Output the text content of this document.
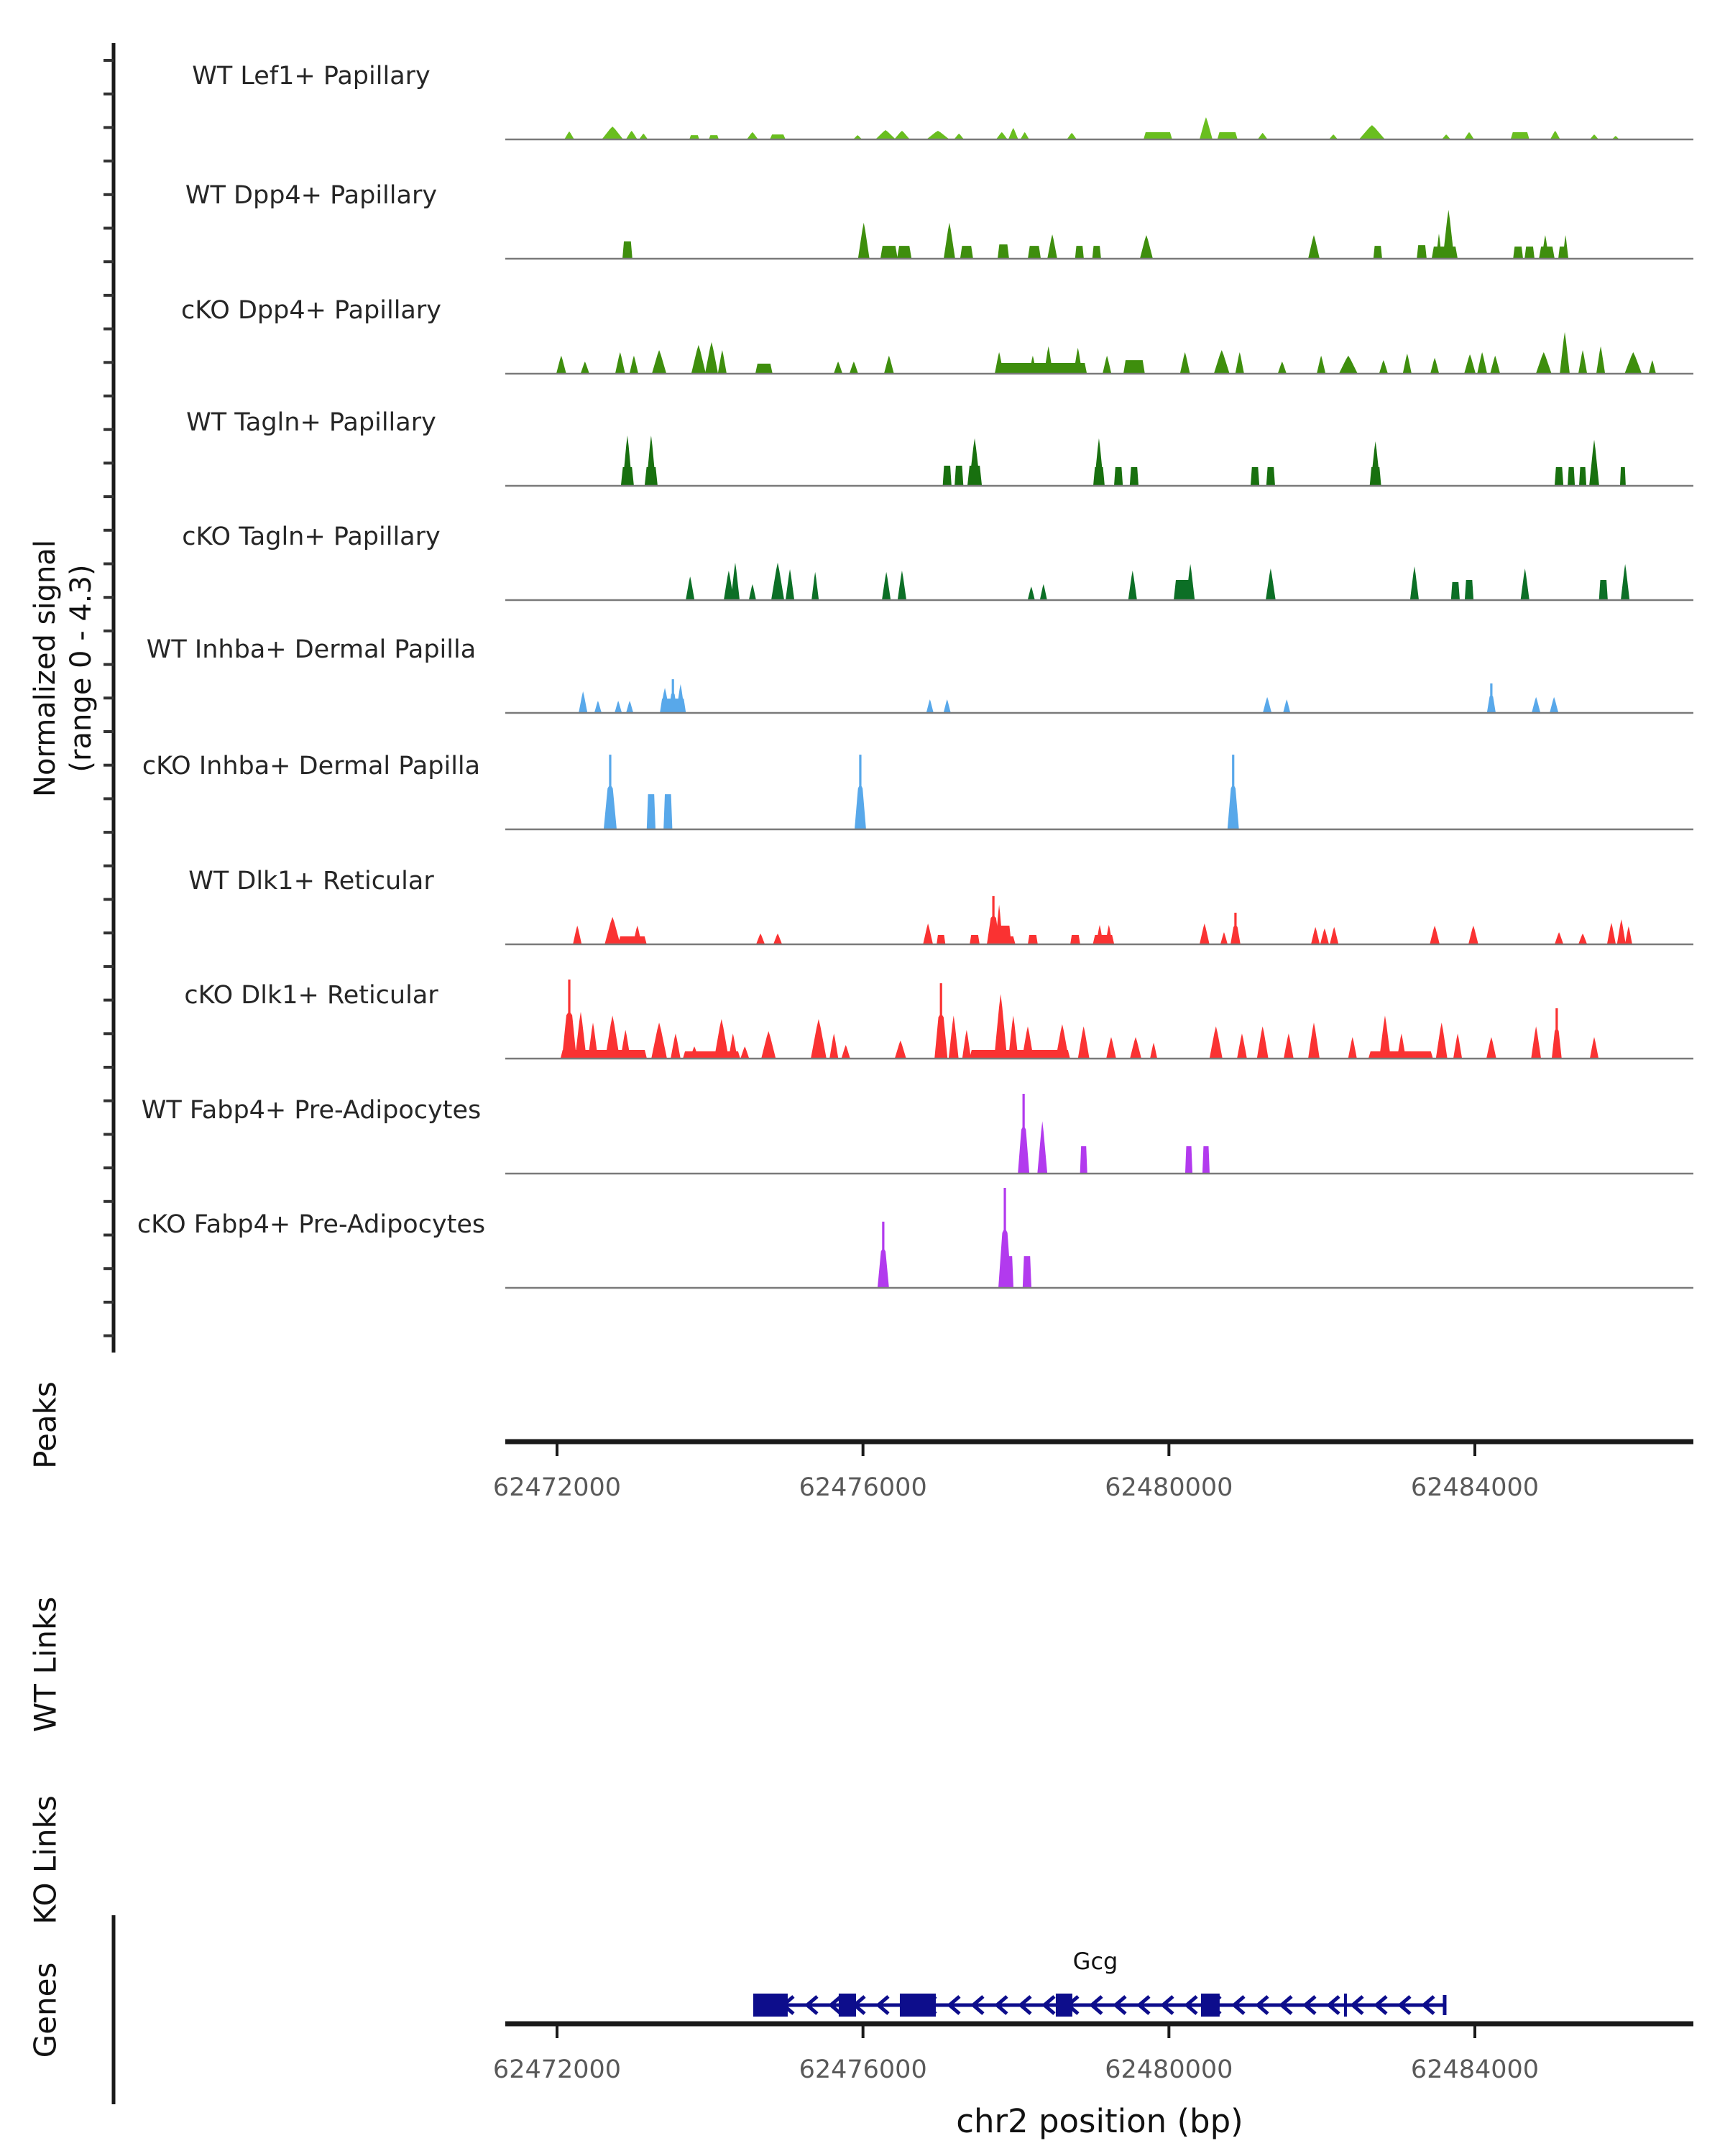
Normalized signal (range 0 - 4.3)
Peaks
WT Links
KO Links
Genes
WT Lef1+ Papillary
WT Dpp4+ Papillary
cKO Dpp4+ Papillary
WT Tagln+ Papillary
cKO Tagln+ Papillary
WT Inhba+ Dermal Papilla
cKO Inhba+ Dermal Papilla
WT Dlk1+ Reticular
cKO Dlk1+ Reticular
WT Fabp4+ Pre-Adipocytes
cKO Fabp4+ Pre-Adipocytes
62472000	62476000	62480000	62484000
Gcg
62472000	62476000	62480000	62484000
chr2 position (bp)
